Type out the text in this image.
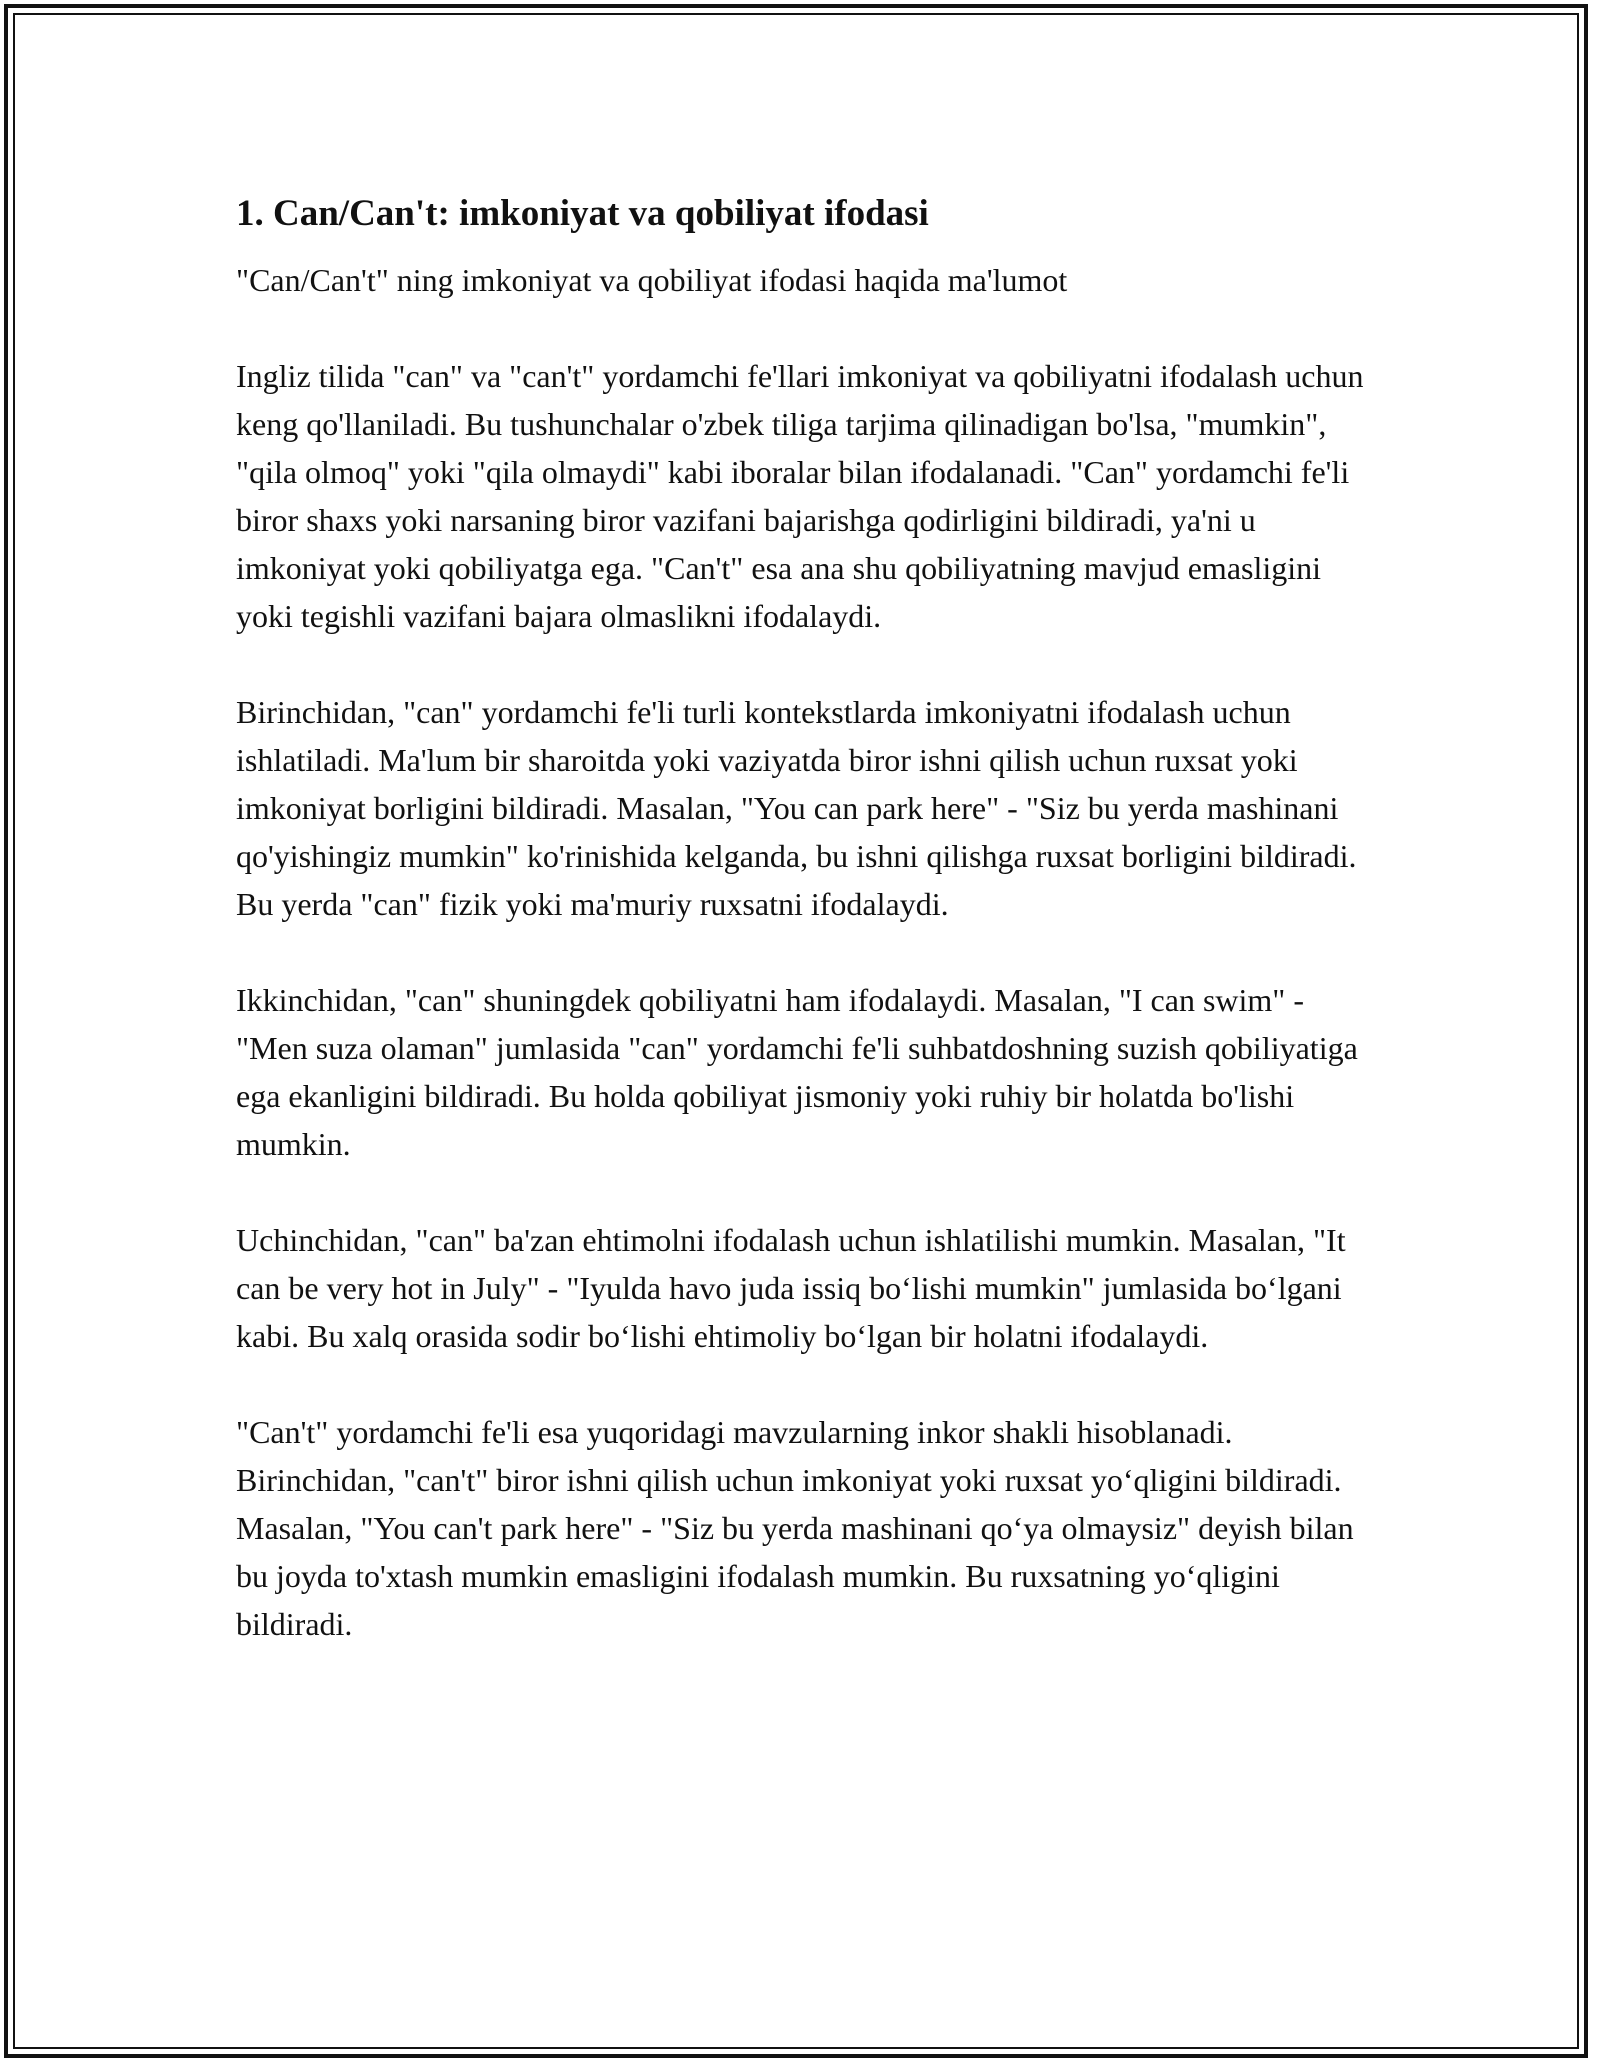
1. Can/Can't: imkoniyat va qobiliyat ifodasi

"Can/Can't" ning imkoniyat va qobiliyat ifodasi haqida ma'lumot

Ingliz tilida "can" va "can't" yordamchi fe'llari imkoniyat va qobiliyatni ifodalash uchun keng qo'llaniladi. Bu tushunchalar o'zbek tiliga tarjima qilinadigan bo'lsa, "mumkin", "qila olmoq" yoki "qila olmaydi" kabi iboralar bilan ifodalanadi. "Can" yordamchi fe'li biror shaxs yoki narsaning biror vazifani bajarishga qodirligini bildiradi, ya'ni u imkoniyat yoki qobiliyatga ega. "Can't" esa ana shu qobiliyatning mavjud emasligini yoki tegishli vazifani bajara olmaslikni ifodalaydi.

Birinchidan, "can" yordamchi fe'li turli kontekstlarda imkoniyatni ifodalash uchun ishlatiladi. Ma'lum bir sharoitda yoki vaziyatda biror ishni qilish uchun ruxsat yoki imkoniyat borligini bildiradi. Masalan, "You can park here" - "Siz bu yerda mashinani qo'yishingiz mumkin" ko'rinishida kelganda, bu ishni qilishga ruxsat borligini bildiradi. Bu yerda "can" fizik yoki ma'muriy ruxsatni ifodalaydi.

Ikkinchidan, "can" shuningdek qobiliyatni ham ifodalaydi. Masalan, "I can swim" - "Men suza olaman" jumlasida "can" yordamchi fe'li suhbatdoshning suzish qobiliyatiga ega ekanligini bildiradi. Bu holda qobiliyat jismoniy yoki ruhiy bir holatda bo'lishi mumkin.

Uchinchidan, "can" ba'zan ehtimolni ifodalash uchun ishlatilishi mumkin. Masalan, "It can be very hot in July" - "Iyulda havo juda issiq bo‘lishi mumkin" jumlasida bo‘lgani kabi. Bu xalq orasida sodir bo‘lishi ehtimoliy bo‘lgan bir holatni ifodalaydi.

"Can't" yordamchi fe'li esa yuqoridagi mavzularning inkor shakli hisoblanadi. Birinchidan, "can't" biror ishni qilish uchun imkoniyat yoki ruxsat yo‘qligini bildiradi. Masalan, "You can't park here" - "Siz bu yerda mashinani qo‘ya olmaysiz" deyish bilan bu joyda to'xtash mumkin emasligini ifodalash mumkin. Bu ruxsatning yo‘qligini bildiradi.
